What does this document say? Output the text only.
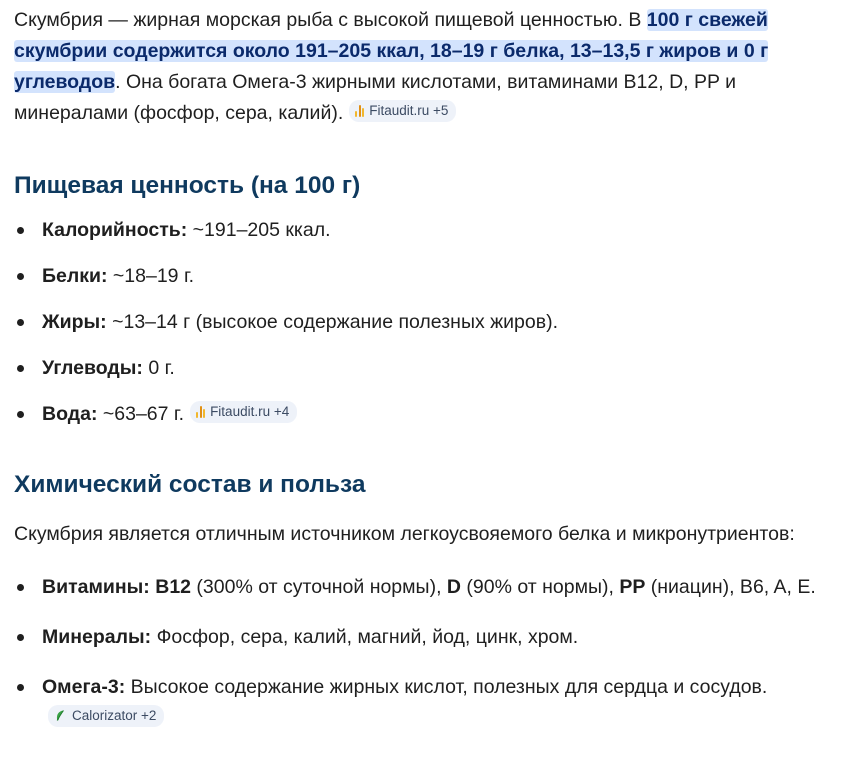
Скумбрия — жирная морская рыба с высокой пищевой ценностью. В 100 г свежей скумбрии содержится около 191–205 ккал, 18–19 г белка, 13–13,5 г жиров и 0 г углеводов. Она богата Омега-3 жирными кислотами, витаминами B12, D, PP и минералами (фосфор, сера, калий). Fitaudit.ru +5

Пищевая ценность (на 100 г)
Калорийность: ~191–205 ккал.
Белки: ~18–19 г.
Жиры: ~13–14 г (высокое содержание полезных жиров).
Углеводы: 0 г.
Вода: ~63–67 г. Fitaudit.ru +4
Химический состав и польза

Скумбрия является отличным источником легкоусвояемого белка и микронутриентов:

Витамины: B12 (300% от суточной нормы), D (90% от нормы), PP (ниацин), B6, A, E.
Минералы: Фосфор, сера, калий, магний, йод, цинк, хром.
Омега-3: Высокое содержание жирных кислот, полезных для сердца и сосудов.
Calorizator +2
